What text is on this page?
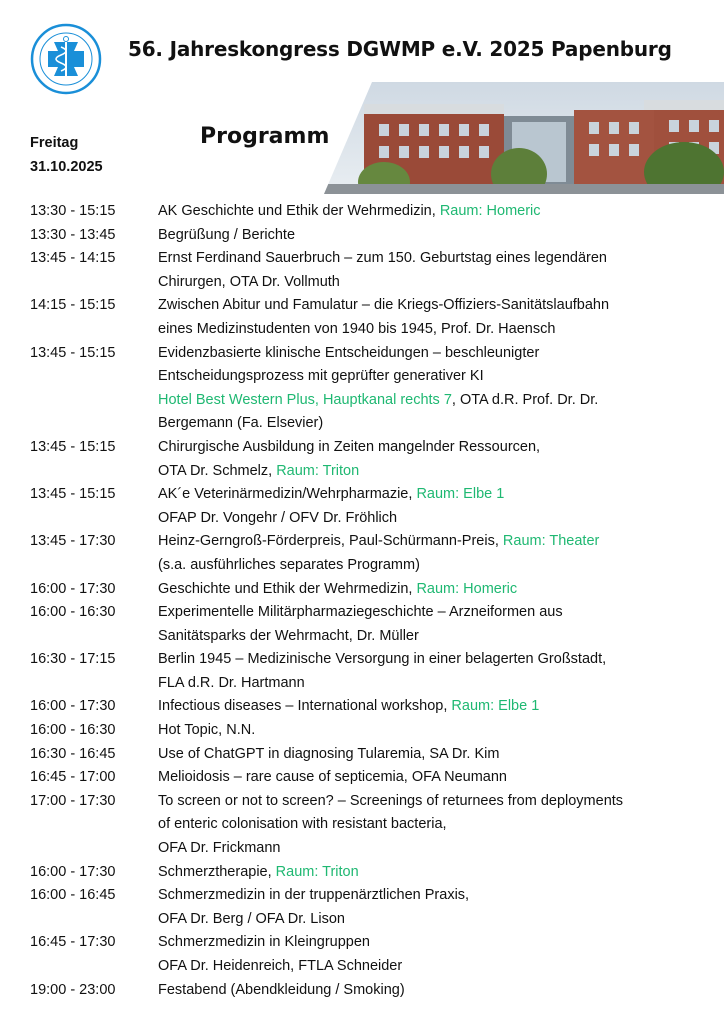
56. Jahreskongress DGWMP e.V. 2025 Papenburg
Freitag
31.10.2025
Programm
13:30 - 15:15	AK Geschichte und Ethik der Wehrmedizin, Raum: Homeric
13:30 - 13:45	Begrüßung / Berichte
13:45 - 14:15	Ernst Ferdinand Sauerbruch – zum 150. Geburtstag eines legendären
Chirurgen, OTA Dr. Vollmuth
14:15 - 15:15	Zwischen Abitur und Famulatur – die Kriegs-Offiziers-Sanitätslaufbahn
eines Medizinstudenten von 1940 bis 1945, Prof. Dr. Haensch
13:45 - 15:15	Evidenzbasierte klinische Entscheidungen – beschleunigter
Entscheidungsprozess mit geprüfter generativer KI
Hotel Best Western Plus, Hauptkanal rechts 7, OTA d.R. Prof. Dr. Dr.
Bergemann (Fa. Elsevier)
13:45 - 15:15	Chirurgische Ausbildung in Zeiten mangelnder Ressourcen,
OTA Dr. Schmelz, Raum: Triton
13:45 - 15:15	AK´e Veterinärmedizin/Wehrpharmazie, Raum: Elbe 1
OFAP Dr. Vongehr / OFV Dr. Fröhlich
13:45 - 17:30	Heinz-Gerngroß-Förderpreis, Paul-Schürmann-Preis, Raum: Theater
(s.a. ausführliches separates Programm)
16:00 - 17:30	Geschichte und Ethik der Wehrmedizin, Raum: Homeric
16:00 - 16:30	Experimentelle Militärpharmaziegeschichte – Arzneiformen aus
Sanitätsparks der Wehrmacht, Dr. Müller
16:30 - 17:15	Berlin 1945 – Medizinische Versorgung in einer belagerten Großstadt,
FLA d.R. Dr. Hartmann
16:00 - 17:30	Infectious diseases – International workshop, Raum: Elbe 1
16:00 - 16:30	Hot Topic, N.N.
16:30 - 16:45	Use of ChatGPT in diagnosing Tularemia, SA Dr. Kim
16:45 - 17:00	Melioidosis – rare cause of septicemia, OFA Neumann
17:00 - 17:30	To screen or not to screen? – Screenings of returnees from deployments
of enteric colonisation with resistant bacteria,
OFA Dr. Frickmann
16:00 - 17:30	Schmerztherapie, Raum: Triton
16:00 - 16:45	Schmerzmedizin in der truppenärztlichen Praxis,
OFA Dr. Berg / OFA Dr. Lison
16:45 - 17:30	Schmerzmedizin in Kleingruppen
OFA Dr. Heidenreich, FTLA Schneider
19:00 - 23:00	Festabend (Abendkleidung / Smoking)
